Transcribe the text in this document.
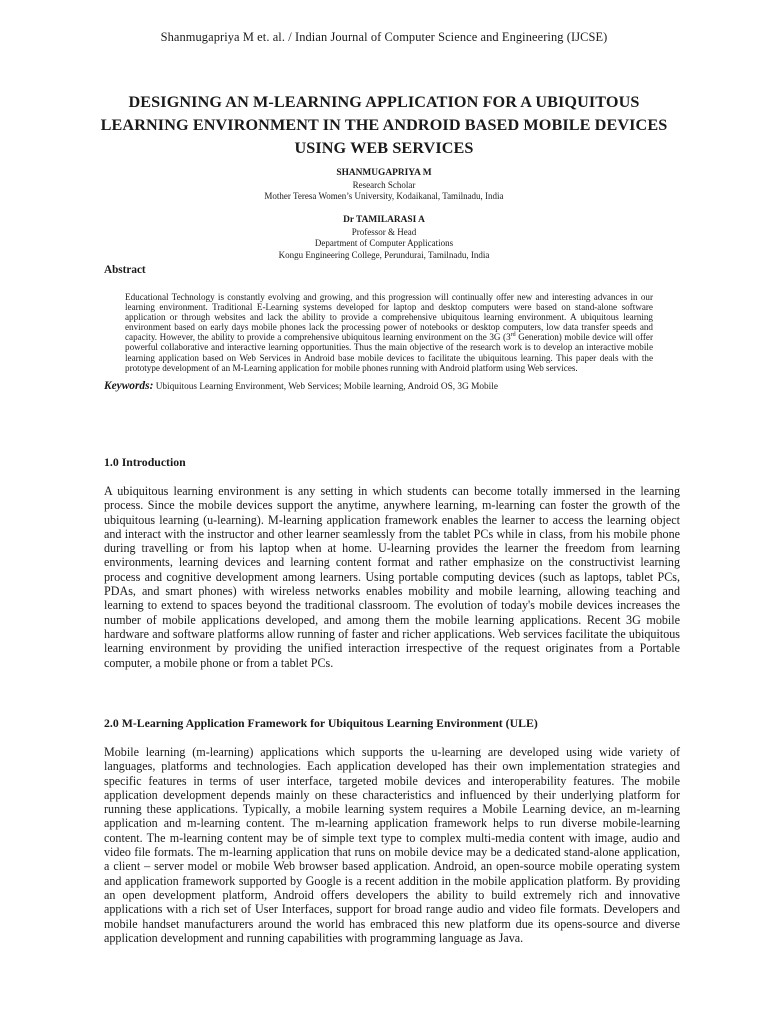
Shanmugapriya M et. al. / Indian Journal of Computer Science and Engineering (IJCSE)
DESIGNING AN M-LEARNING APPLICATION FOR A UBIQUITOUS LEARNING ENVIRONMENT IN THE ANDROID BASED MOBILE DEVICES USING WEB SERVICES
SHANMUGAPRIYA M
Research Scholar
Mother Teresa Women’s University, Kodaikanal, Tamilnadu, India
Dr TAMILARASI A
Professor & Head
Department of Computer Applications
Kongu Engineering College, Perundurai, Tamilnadu, India
Abstract
Educational Technology is constantly evolving and growing, and this progression will continually offer new and interesting advances in our learning environment. Traditional E-Learning systems developed for laptop and desktop computers were based on stand-alone software application or through websites and lack the ability to provide a comprehensive ubiquitous learning environment. A ubiquitous learning environment based on early days mobile phones lack the processing power of notebooks or desktop computers, low data transfer speeds and capacity. However, the ability to provide a comprehensive ubiquitous learning environment on the 3G (3rd Generation) mobile device will offer powerful collaborative and interactive learning opportunities. Thus the main objective of the research work is to develop an interactive mobile learning application based on Web Services in Android base mobile devices to facilitate the ubiquitous learning. This paper deals with the prototype development of an M-Learning application for mobile phones running with Android platform using Web services.
Keywords: Ubiquitous Learning Environment, Web Services; Mobile learning, Android OS, 3G Mobile
1.0 Introduction
A ubiquitous learning environment is any setting in which students can become totally immersed in the learning process. Since the mobile devices support the anytime, anywhere learning, m-learning can foster the growth of the ubiquitous learning (u-learning). M-learning application framework enables the learner to access the learning object and interact with the instructor and other learner seamlessly from the tablet PCs while in class, from his mobile phone during travelling or from his laptop when at home. U-learning provides the learner the freedom from learning environments, learning devices and learning content format and rather emphasize on the constructivist learning process and cognitive development among learners. Using portable computing devices (such as laptops, tablet PCs, PDAs, and smart phones) with wireless networks enables mobility and mobile learning, allowing teaching and learning to extend to spaces beyond the traditional classroom. The evolution of today's mobile devices increases the number of mobile applications developed, and among them the mobile learning applications. Recent 3G mobile hardware and software platforms allow running of faster and richer applications. Web services facilitate the ubiquitous learning environment by providing the unified interaction irrespective of the request originates from a Portable computer, a mobile phone or from a tablet PCs.
2.0 M-Learning Application Framework for Ubiquitous Learning Environment (ULE)
Mobile learning (m-learning) applications which supports the u-learning are developed using wide variety of languages, platforms and technologies. Each application developed has their own implementation strategies and specific features in terms of user interface, targeted mobile devices and interoperability features. The mobile application development depends mainly on these characteristics and influenced by their underlying platform for running these applications. Typically, a mobile learning system requires a Mobile Learning device, an m-learning application and m-learning content. The m-learning application framework helps to run diverse mobile-learning content. The m-learning content may be of simple text type to complex multi-media content with image, audio and video file formats. The m-learning application that runs on mobile device may be a dedicated stand-alone application, a client – server model or mobile Web browser based application. Android, an open-source mobile operating system and application framework supported by Google is a recent addition in the mobile application platform. By providing an open development platform, Android offers developers the ability to build extremely rich and innovative applications with a rich set of User Interfaces, support for broad range audio and video file formats. Developers and mobile handset manufacturers around the world has embraced this new platform due its opens-source and diverse application development and running capabilities with programming language as Java.
